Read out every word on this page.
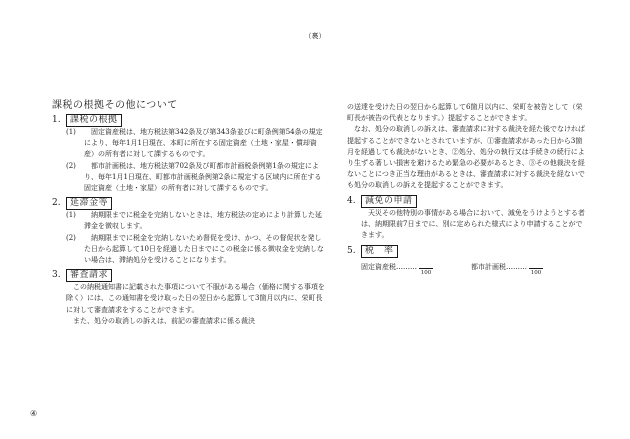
（裏）
④
課税の根拠その他について
1.	課税の根拠
(1)	固定資産税は、地方税法第342条及び第343条並びに町条例第54条の規定により、毎年1月1日現在、本町に所在する固定資産（土地・家屋・償却資産）の所有者に対して課するものです。
(2)	都市計画税は、地方税法第702条及び町都市計画税条例第1条の規定により、毎年1月1日現在、町都市計画税条例第2条に規定する区域内に所在する固定資産（土地・家屋）の所有者に対して課するものです。
2.	延滞金等
(1)	納期限までに税金を完納しないときは、地方税法の定めにより計算した延滞金を徴収します。
(2)	納期限までに税金を完納しないため督促を受け、かつ、その督促状を発した日から起算して10日を経過した日までにこの税金に係る徴収金を完納しない場合は、滞納処分を受けることになります。
3.	審査請求
この納税通知書に記載された事項について不服がある場合（価格に関する事項を除く）には、この通知書を受け取った日の翌日から起算して3箇月以内に、栄町長に対して審査請求をすることができます。
また、処分の取消しの訴えは、前記の審査請求に係る裁決
の送達を受けた日の翌日から起算して6箇月以内に、栄町を被告として（栄町長が被告の代表となります。）提起することができます。
なお、処分の取消しの訴えは、審査請求に対する裁決を経た後でなければ提起することができないとされていますが、①審査請求があった日から3箇月を経過しても裁決がないとき、②処分、処分の執行又は手続きの続行により生ずる著しい損害を避けるため緊急の必要があるとき、③その他裁決を経ないことにつき正当な理由があるときは、審査請求に対する裁決を経ないでも処分の取消しの訴えを提起することができます。
4.	減免の申請
天災その他特別の事情がある場合において、減免をうけようとする者は、納期限前7日までに、別に定められた様式により申請することができます。
5.	税　率
固定資産税………
100
都市計画税………
100
